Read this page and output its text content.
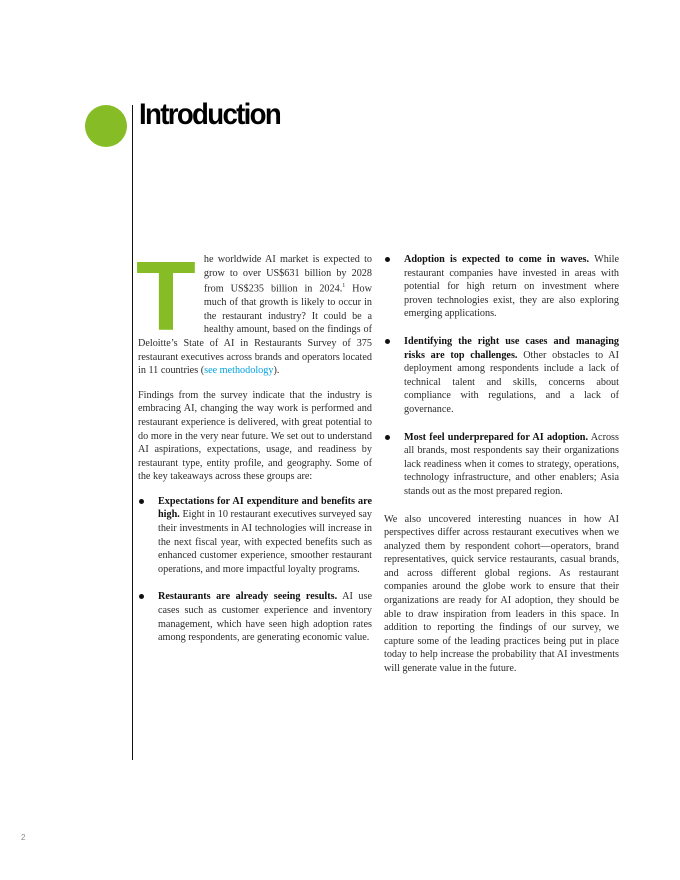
Introduction

The worldwide AI market is expected to grow to over US$631 billion by 2028 from US$235 billion in 2024.$^1$ How much of that growth is likely to occur in the restaurant industry? It could be a healthy amount, based on the findings of Deloitte’s State of AI in Restaurants Survey of 375 restaurant executives across brands and operators located in 11 countries (see methodology).

Findings from the survey indicate that the industry is embracing AI, changing the way work is performed and restaurant experience is delivered, with great potential to do more in the very near future. We set out to understand AI aspirations, expectations, usage, and readiness by restaurant type, entity profile, and geography. Some of the key takeaways across these groups are:

Expectations for AI expenditure and benefits are high. Eight in 10 restaurant executives surveyed say their investments in AI technologies will increase in the next fiscal year, with expected benefits such as enhanced customer experience, smoother restaurant operations, and more impactful loyalty programs.
Restaurants are already seeing results. AI use cases such as customer experience and inventory management, which have seen high adoption rates among respondents, are generating economic value.
Adoption is expected to come in waves. While restaurant companies have invested in areas with potential for high return on investment where proven technologies exist, they are also exploring emerging applications.
Identifying the right use cases and managing risks are top challenges. Other obstacles to AI deployment among respondents include a lack of technical talent and skills, concerns about compliance with regulations, and a lack of governance.
Most feel underprepared for AI adoption. Across all brands, most respondents say their organizations lack readiness when it comes to strategy, operations, technology infrastructure, and other enablers; Asia stands out as the most prepared region.

We also uncovered interesting nuances in how AI perspectives differ across restaurant executives when we analyzed them by respondent cohort—operators, brand representatives, quick service restaurants, casual brands, and across different global regions. As restaurant companies around the globe work to ensure that their organizations are ready for AI adoption, they should be able to draw inspiration from leaders in this space. In addition to reporting the findings of our survey, we capture some of the leading practices being put in place today to help increase the probability that AI investments will generate value in the future.

2
